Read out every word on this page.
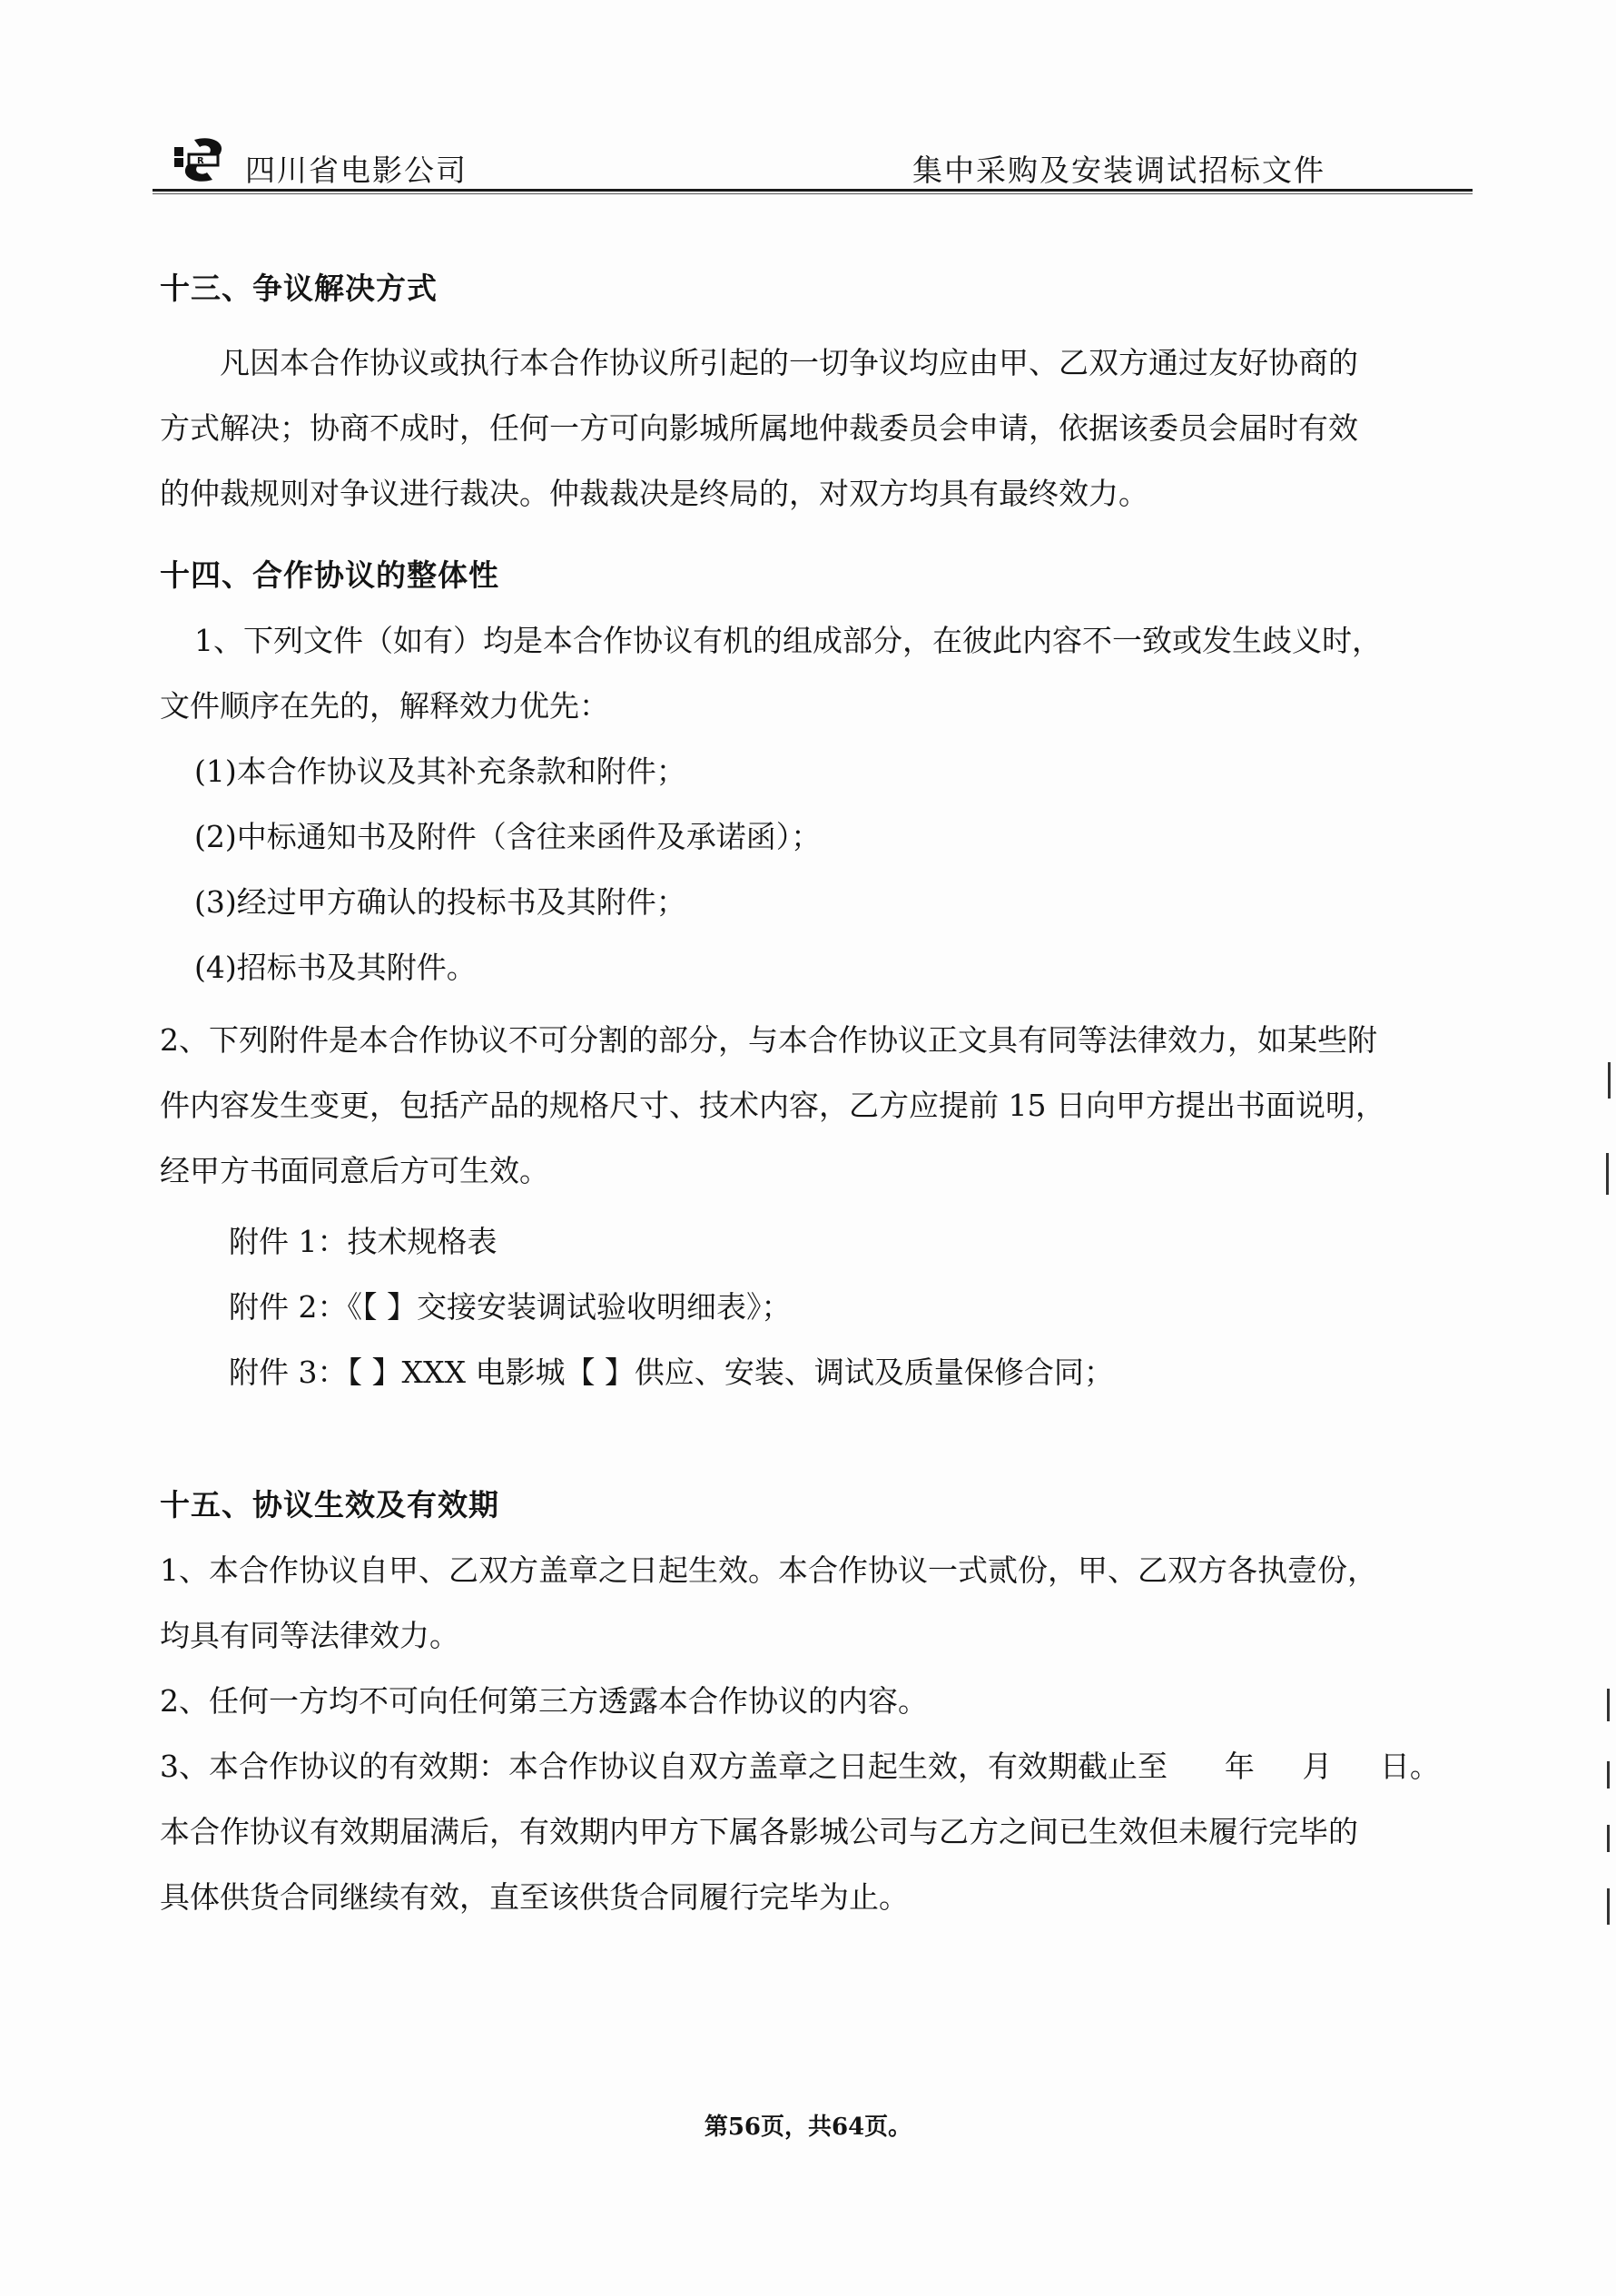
R 四川省电影公司	集中采购及安装调试招标文件
十三、争议解决方式
凡因本合作协议或执行本合作协议所引起的一切争议均应由甲、乙双方通过友好协商的
方式解决；协商不成时，任何一方可向影城所属地仲裁委员会申请，依据该委员会届时有效
的仲裁规则对争议进行裁决。仲裁裁决是终局的，对双方均具有最终效力。
十四、合作协议的整体性
1、下列文件（如有）均是本合作协议有机的组成部分，在彼此内容不一致或发生歧义时，
文件顺序在先的，解释效力优先：
(1)本合作协议及其补充条款和附件；
(2)中标通知书及附件（含往来函件及承诺函）；
(3)经过甲方确认的投标书及其附件；
(4)招标书及其附件。
2、下列附件是本合作协议不可分割的部分，与本合作协议正文具有同等法律效力，如某些附
件内容发生变更，包括产品的规格尺寸、技术内容，乙方应提前 15 日向甲方提出书面说明，
经甲方书面同意后方可生效。
附件 1：技术规格表
附件 2：《【 】交接安装调试验收明细表》；
附件 3：【 】XXX 电影城【 】供应、安装、调试及质量保修合同；
十五、协议生效及有效期
1、本合作协议自甲、乙双方盖章之日起生效。本合作协议一式贰份，甲、乙双方各执壹份，
均具有同等法律效力。
2、任何一方均不可向任何第三方透露本合作协议的内容。
3、本合作协议的有效期：本合作协议自双方盖章之日起生效，有效期截止至      年     月     日。
本合作协议有效期届满后，有效期内甲方下属各影城公司与乙方之间已生效但未履行完毕的
具体供货合同继续有效，直至该供货合同履行完毕为止。
第56页，共64页。
